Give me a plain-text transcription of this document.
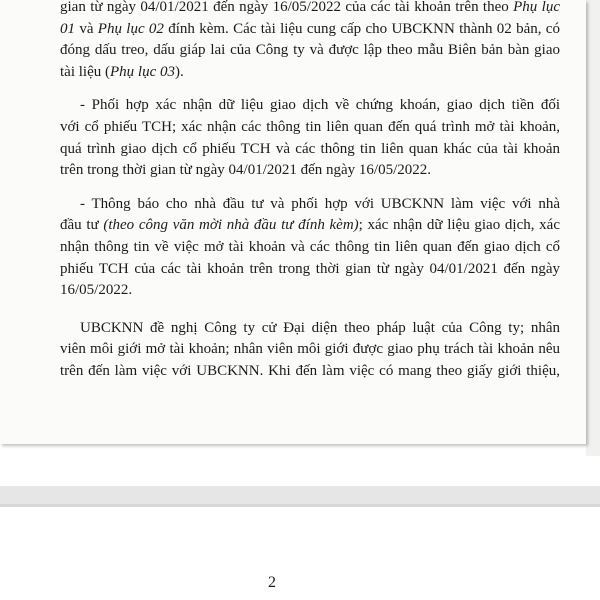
gian từ ngày 04/01/2021 đến ngày 16/05/2022 của các tài khoản trên theo Phụ lục
01 và Phụ lục 02 đính kèm. Các tài liệu cung cấp cho UBCKNN thành 02 bản, có
đóng dấu treo, dấu giáp lai của Công ty và được lập theo mẫu Biên bản bàn giao
tài liệu (Phụ lục 03).
- Phối hợp xác nhận dữ liệu giao dịch về chứng khoán, giao dịch tiền đối
với cổ phiếu TCH; xác nhận các thông tin liên quan đến quá trình mở tài khoản,
quá trình giao dịch cổ phiếu TCH và các thông tin liên quan khác của tài khoản
trên trong thời gian từ ngày 04/01/2021 đến ngày 16/05/2022.
- Thông báo cho nhà đầu tư và phối hợp với UBCKNN làm việc với nhà
đầu tư (theo công văn mời nhà đầu tư đính kèm); xác nhận dữ liệu giao dịch, xác
nhận thông tin về việc mở tài khoản và các thông tin liên quan đến giao dịch cổ
phiếu TCH của các tài khoản trên trong thời gian từ ngày 04/01/2021 đến ngày
16/05/2022.
UBCKNN đề nghị Công ty cử Đại diện theo pháp luật của Công ty; nhân
viên môi giới mở tài khoản; nhân viên môi giới được giao phụ trách tài khoản nêu
trên đến làm việc với UBCKNN. Khi đến làm việc có mang theo giấy giới thiệu,
2
